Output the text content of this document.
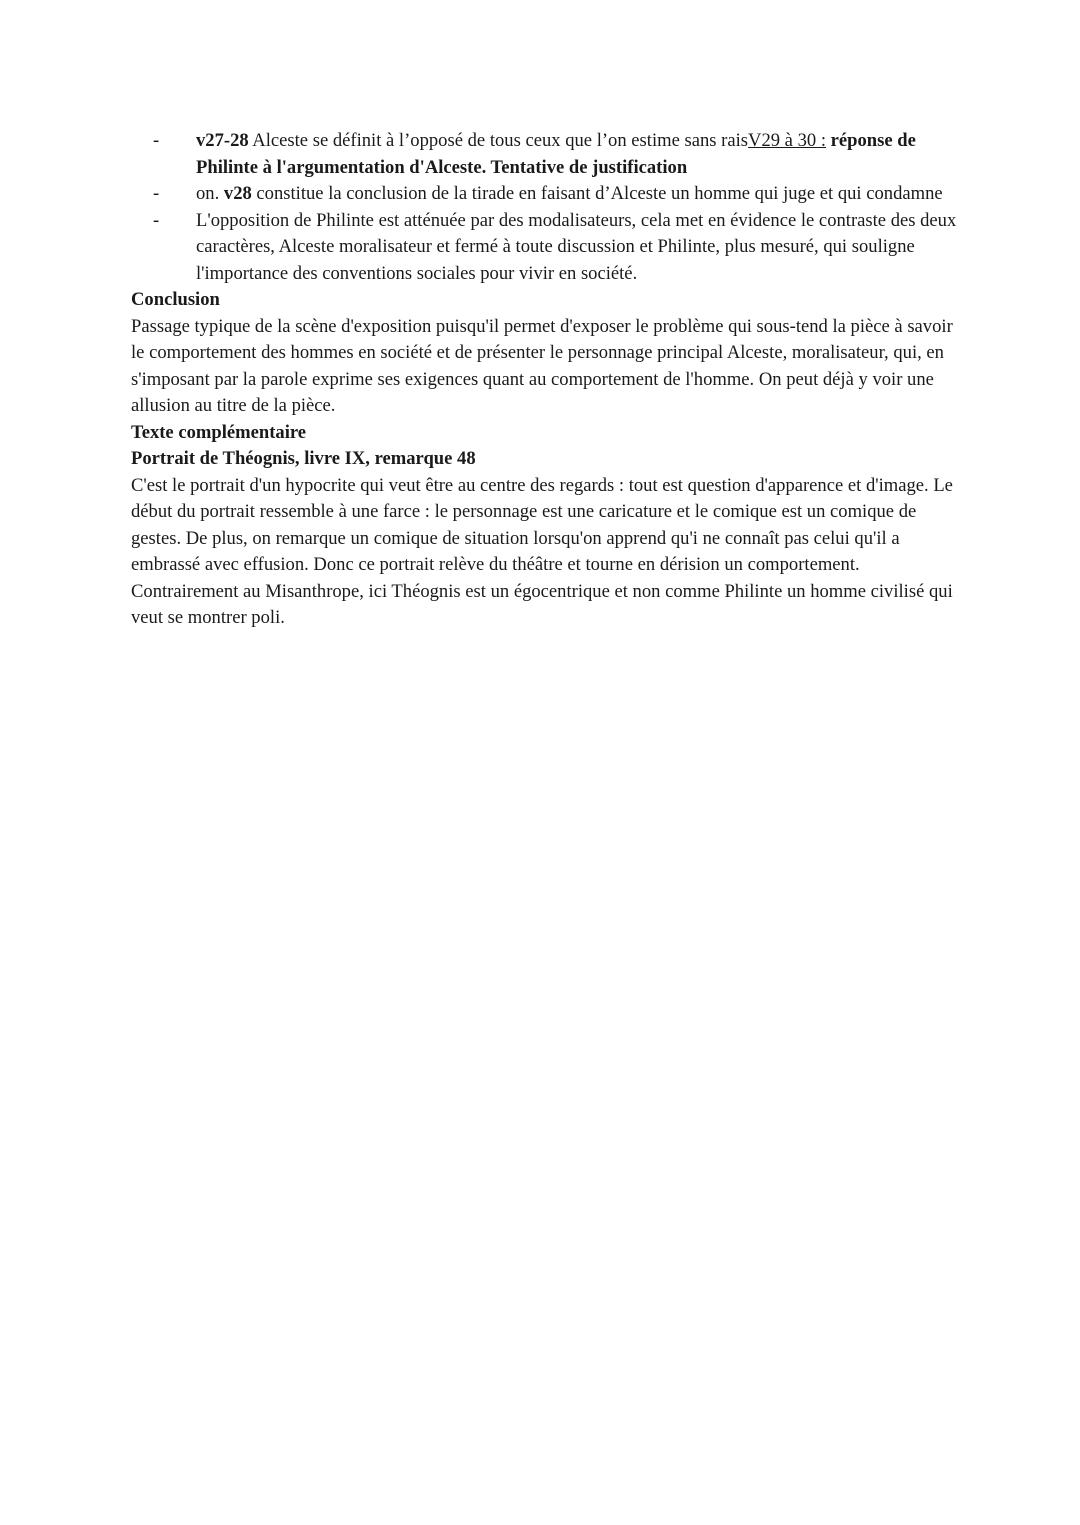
- v27-28 Alceste se définit à l’opposé de tous ceux que l’on estime sans raisV29 à 30 : réponse de Philinte à l'argumentation d'Alceste. Tentative de justification
- on. v28 constitue la conclusion de la tirade en faisant d’Alceste un homme qui juge et qui condamne
- L'opposition de Philinte est atténuée par des modalisateurs, cela met en évidence le contraste des deux caractères, Alceste moralisateur et fermé à toute discussion et Philinte, plus mesuré, qui souligne l'importance des conventions sociales pour vivir en société.
Conclusion

Passage typique de la scène d'exposition puisqu'il permet d'exposer le problème qui sous-tend la pièce à savoir le comportement des hommes en société et de présenter le personnage principal Alceste, moralisateur, qui, en s'imposant par la parole exprime ses exigences quant au comportement de l'homme. On peut déjà y voir une allusion au titre de la pièce.

Texte complémentaire
Portrait de Théognis, livre IX, remarque 48

C'est le portrait d'un hypocrite qui veut être au centre des regards : tout est question d'apparence et d'image. Le début du portrait ressemble à une farce : le personnage est une caricature et le comique est un comique de gestes. De plus, on remarque un comique de situation lorsqu'on apprend qu'i ne connaît pas celui qu'il a embrassé avec effusion. Donc ce portrait relève du théâtre et tourne en dérision un comportement. Contrairement au Misanthrope, ici Théognis est un égocentrique et non comme Philinte un homme civilisé qui veut se montrer poli.
